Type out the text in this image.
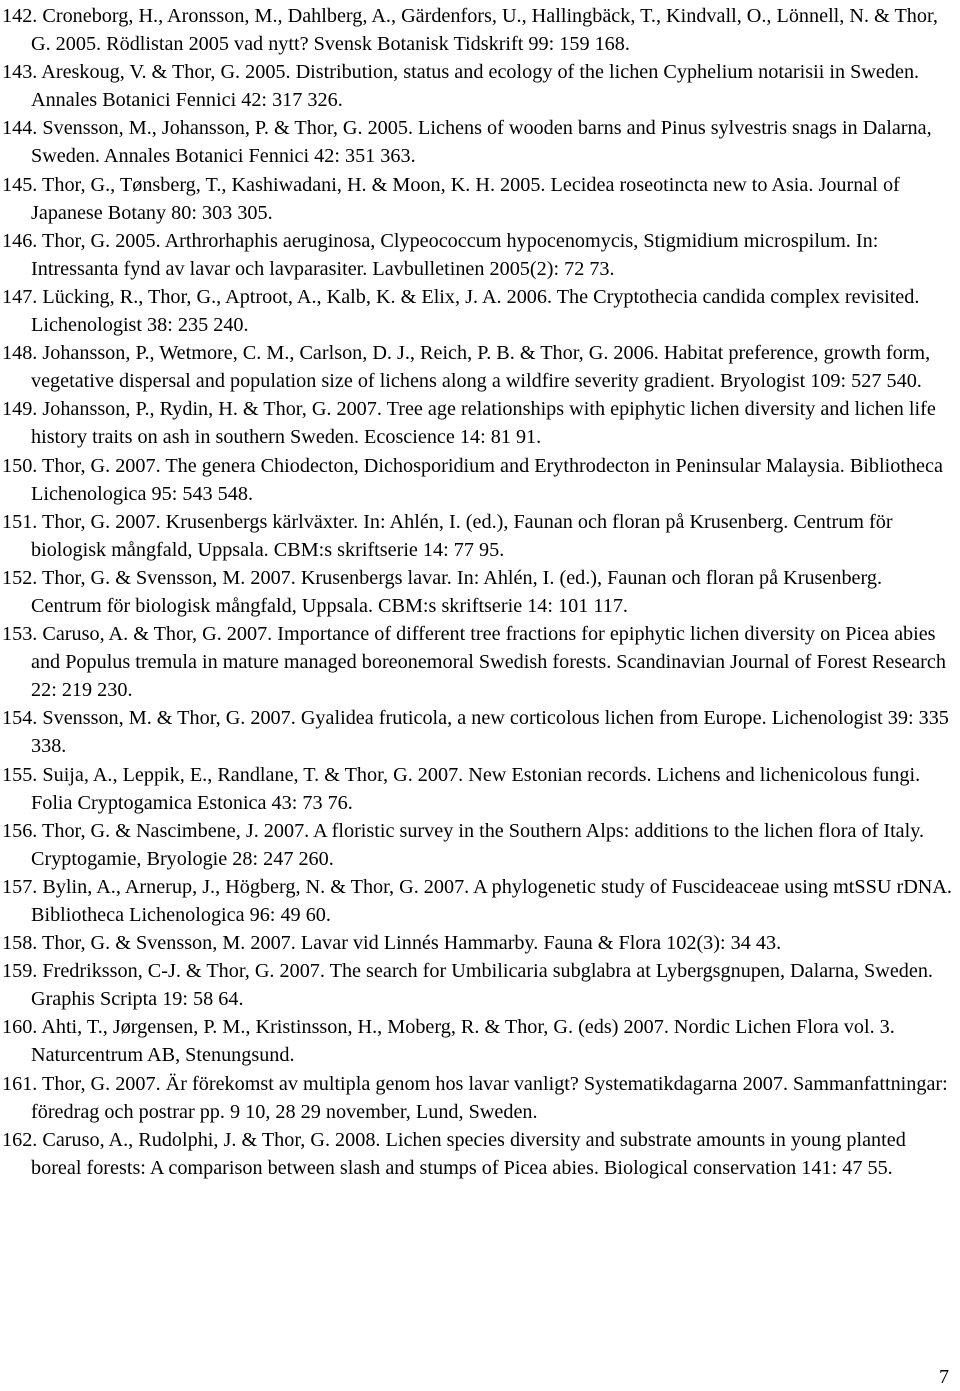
142. Croneborg, H., Aronsson, M., Dahlberg, A., Gärdenfors, U., Hallingbäck, T., Kindvall, O., Lönnell, N. & Thor, G. 2005. Rödlistan 2005 vad nytt? Svensk Botanisk Tidskrift 99: 159 168.
143. Areskoug, V. & Thor, G. 2005. Distribution, status and ecology of the lichen Cyphelium notarisii in Sweden. Annales Botanici Fennici 42: 317 326.
144. Svensson, M., Johansson, P. & Thor, G. 2005. Lichens of wooden barns and Pinus sylvestris snags in Dalarna, Sweden. Annales Botanici Fennici 42: 351 363.
145. Thor, G., Tønsberg, T., Kashiwadani, H. & Moon, K. H. 2005. Lecidea roseotincta new to Asia. Journal of Japanese Botany 80: 303 305.
146. Thor, G. 2005. Arthrorhaphis aeruginosa, Clypeococcum hypocenomycis, Stigmidium microspilum. In: Intressanta fynd av lavar och lavparasiter. Lavbulletinen 2005(2): 72 73.
147. Lücking, R., Thor, G., Aptroot, A., Kalb, K. & Elix, J. A. 2006. The Cryptothecia candida complex revisited. Lichenologist 38: 235 240.
148. Johansson, P., Wetmore, C. M., Carlson, D. J., Reich, P. B. & Thor, G. 2006. Habitat preference, growth form, vegetative dispersal and population size of lichens along a wildfire severity gradient. Bryologist 109: 527 540.
149. Johansson, P., Rydin, H. & Thor, G. 2007. Tree age relationships with epiphytic lichen diversity and lichen life history traits on ash in southern Sweden. Ecoscience 14: 81 91.
150. Thor, G. 2007. The genera Chiodecton, Dichosporidium and Erythrodecton in Peninsular Malaysia. Bibliotheca Lichenologica 95: 543 548.
151. Thor, G. 2007. Krusenbergs kärlväxter. In: Ahlén, I. (ed.), Faunan och floran på Krusenberg. Centrum för biologisk mångfald, Uppsala. CBM:s skriftserie 14: 77 95.
152. Thor, G. & Svensson, M. 2007. Krusenbergs lavar. In: Ahlén, I. (ed.), Faunan och floran på Krusenberg. Centrum för biologisk mångfald, Uppsala. CBM:s skriftserie 14: 101 117.
153. Caruso, A. & Thor, G. 2007. Importance of different tree fractions for epiphytic lichen diversity on Picea abies and Populus tremula in mature managed boreonemoral Swedish forests. Scandinavian Journal of Forest Research 22: 219 230.
154. Svensson, M. & Thor, G. 2007. Gyalidea fruticola, a new corticolous lichen from Europe. Lichenologist 39: 335 338.
155. Suija, A., Leppik, E., Randlane, T. & Thor, G. 2007. New Estonian records. Lichens and lichenicolous fungi. Folia Cryptogamica Estonica 43: 73 76.
156. Thor, G. & Nascimbene, J. 2007. A floristic survey in the Southern Alps: additions to the lichen flora of Italy. Cryptogamie, Bryologie 28: 247 260.
157. Bylin, A., Arnerup, J., Högberg, N. & Thor, G. 2007. A phylogenetic study of Fuscideaceae using mtSSU rDNA. Bibliotheca Lichenologica 96: 49 60.
158. Thor, G. & Svensson, M. 2007. Lavar vid Linnés Hammarby. Fauna & Flora 102(3): 34 43.
159. Fredriksson, C-J. & Thor, G. 2007. The search for Umbilicaria subglabra at Lybergsgnupen, Dalarna, Sweden. Graphis Scripta 19: 58 64.
160. Ahti, T., Jørgensen, P. M., Kristinsson, H., Moberg, R. & Thor, G. (eds) 2007. Nordic Lichen Flora vol. 3. Naturcentrum AB, Stenungsund.
161. Thor, G. 2007. Är förekomst av multipla genom hos lavar vanligt? Systematikdagarna 2007. Sammanfattningar: föredrag och postrar pp. 9 10, 28 29 november, Lund, Sweden.
162. Caruso, A., Rudolphi, J. & Thor, G. 2008. Lichen species diversity and substrate amounts in young planted boreal forests: A comparison between slash and stumps of Picea abies. Biological conservation 141: 47 55.
7
